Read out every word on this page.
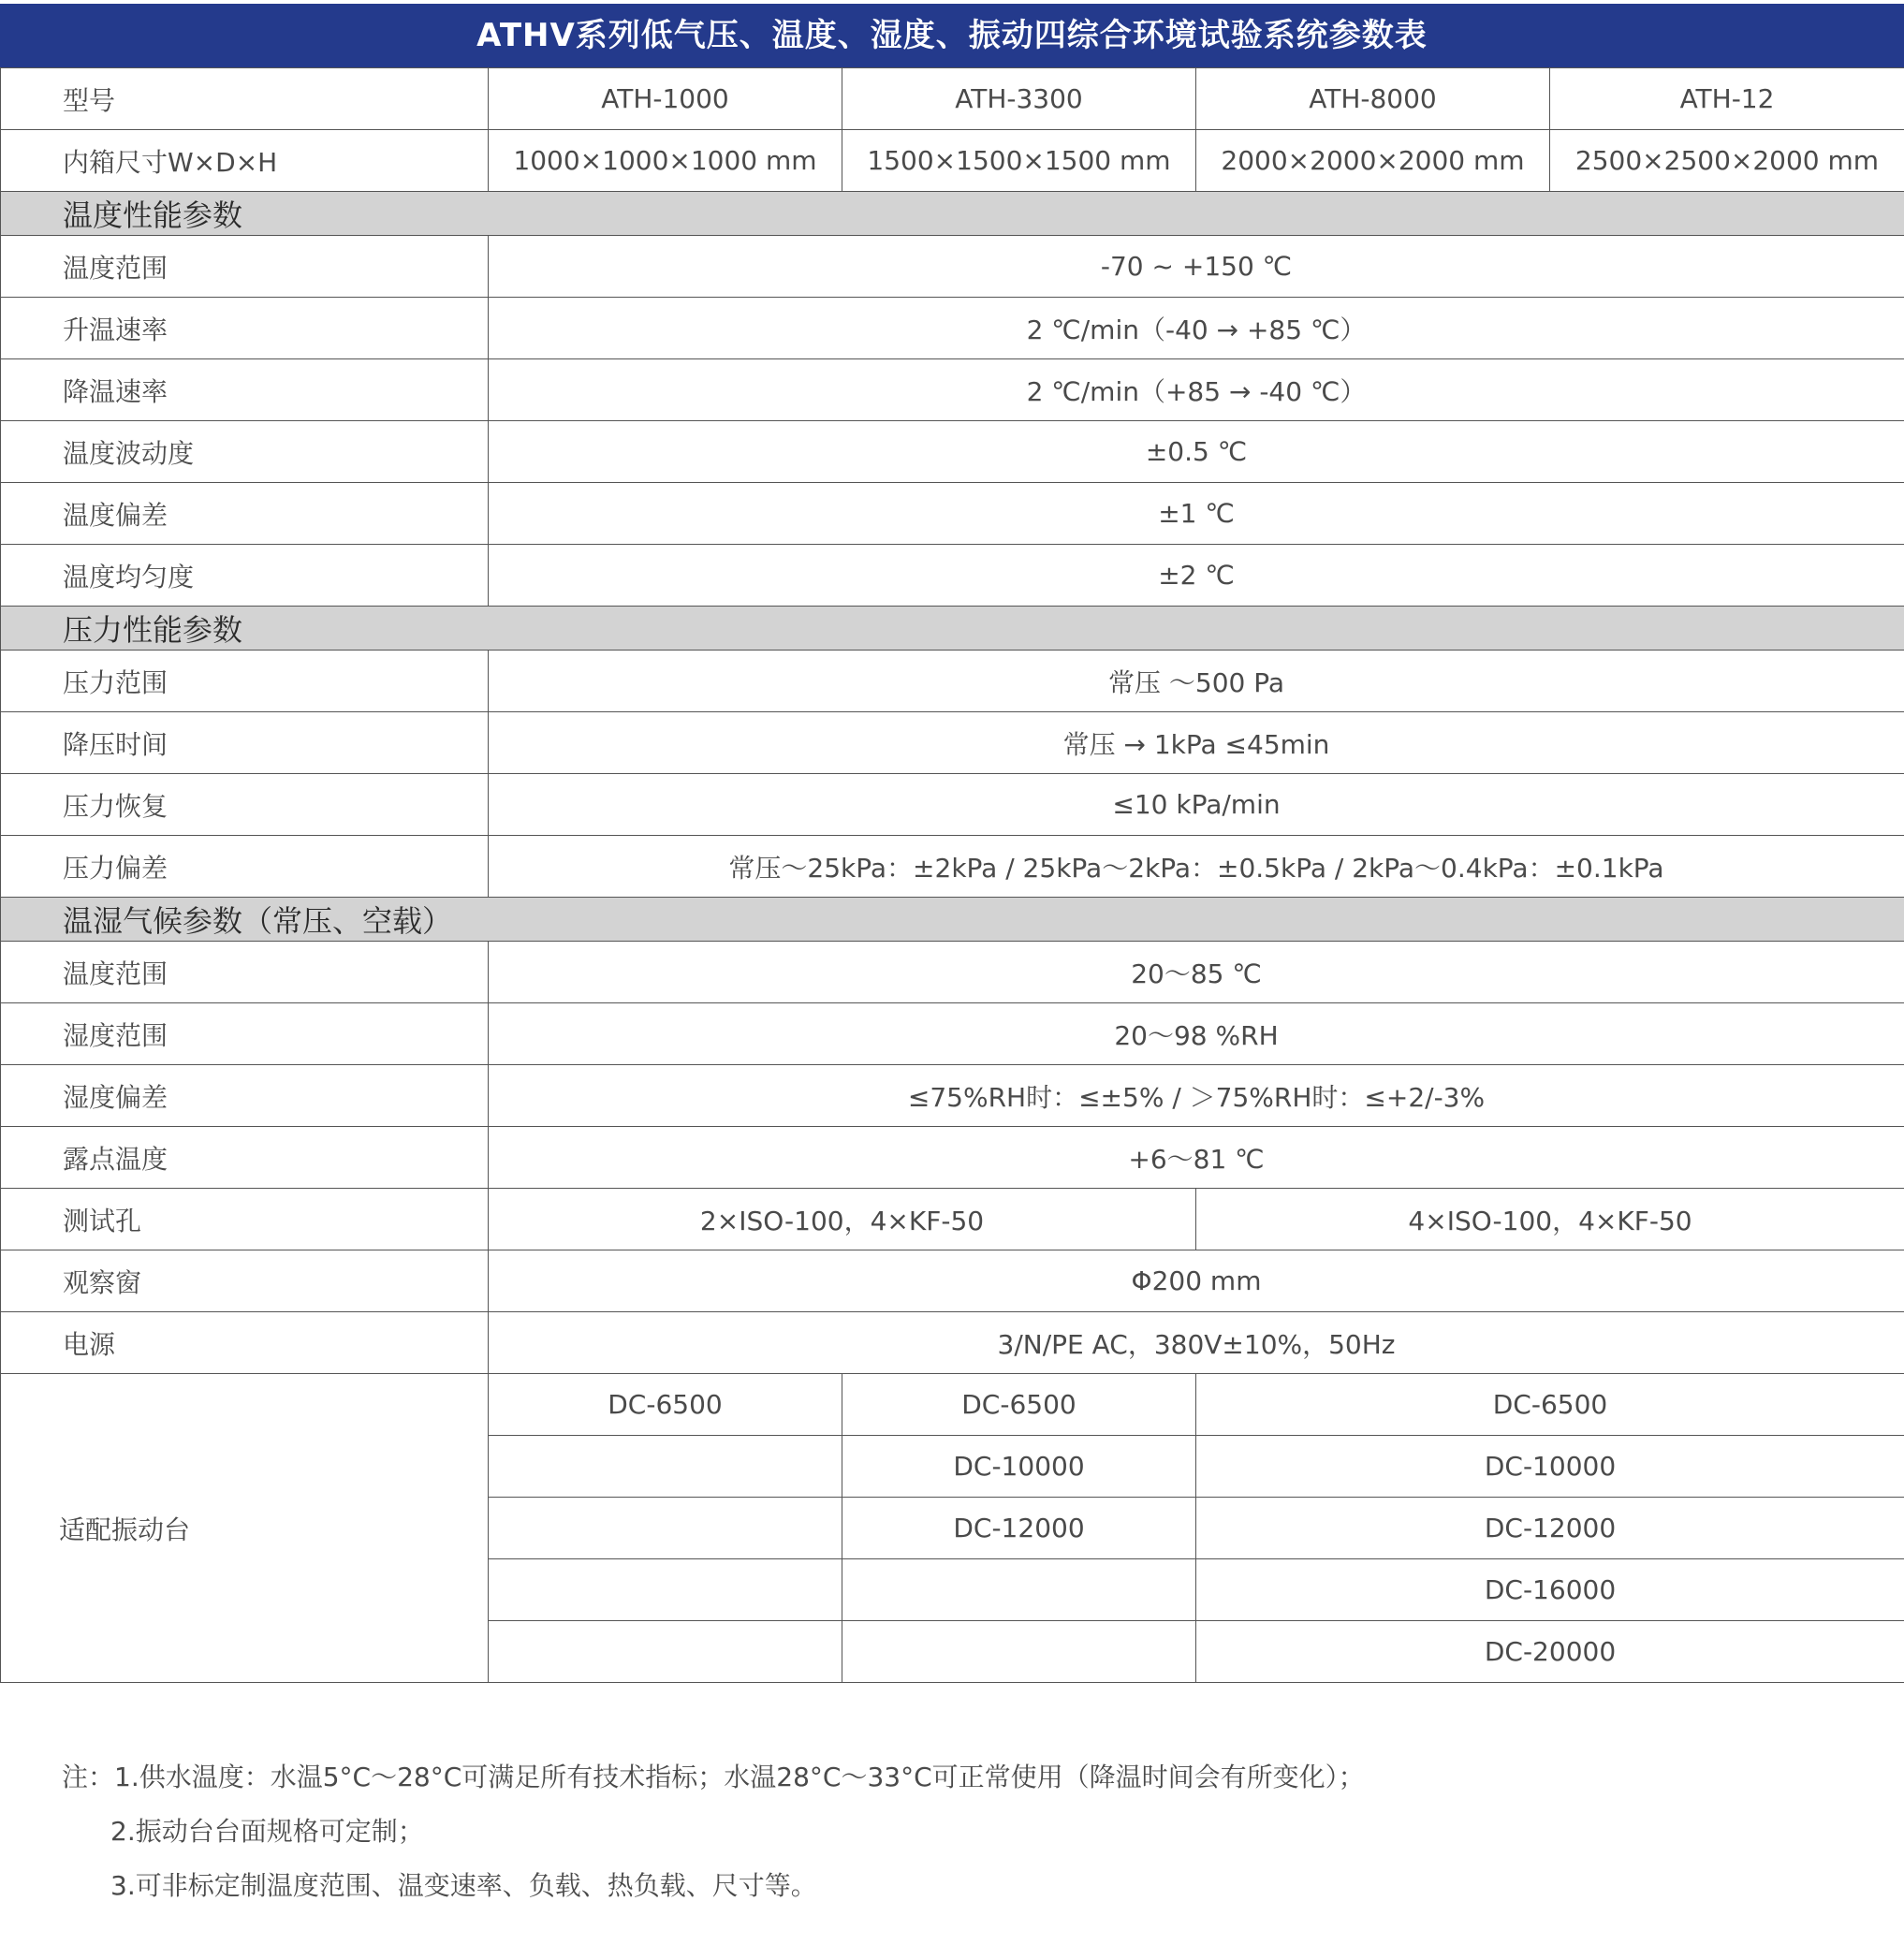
ATHV系列低气压、温度、湿度、振动四综合环境试验系统参数表
型号	ATH-1000	ATH-3300	ATH-8000	ATH-12
内箱尺寸W×D×H	1000×1000×1000 mm	1500×1500×1500 mm	2000×2000×2000 mm	2500×2500×2000 mm
温度性能参数				
温度范围	-70 ~ +150 ℃			
升温速率	2 ℃/min（-40 → +85 ℃）			
降温速率	2 ℃/min（+85 → -40 ℃）			
温度波动度	±0.5 ℃			
温度偏差	±1 ℃			
温度均匀度	±2 ℃			
压力性能参数				
压力范围	常压 ～500 Pa			
降压时间	常压 → 1kPa ≤45min			
压力恢复	≤10 kPa/min			
压力偏差	常压～25kPa：±2kPa / 25kPa～2kPa：±0.5kPa / 2kPa～0.4kPa：±0.1kPa			
温湿气候参数（常压、空载）				
温度范围	20～85 ℃			
湿度范围	20～98 %RH			
湿度偏差	≤75%RH时：≤±5% / ＞75%RH时：≤+2/-3%			
露点温度	+6～81 ℃			
测试孔	2×ISO-100，4×KF-50		4×ISO-100，4×KF-50	
观察窗	Φ200 mm			
电源	3/N/PE AC，380V±10%，50Hz			
适配振动台	DC-6500	DC-6500	DC-6500	
		DC-10000	DC-10000	
		DC-12000	DC-12000	
			DC-16000	
			DC-20000	
注：1.供水温度：水温5°C～28°C可满足所有技术指标；水温28°C～33°C可正常使用（降温时间会有所变化）；
2.振动台台面规格可定制；
3.可非标定制温度范围、温变速率、负载、热负载、尺寸等。
